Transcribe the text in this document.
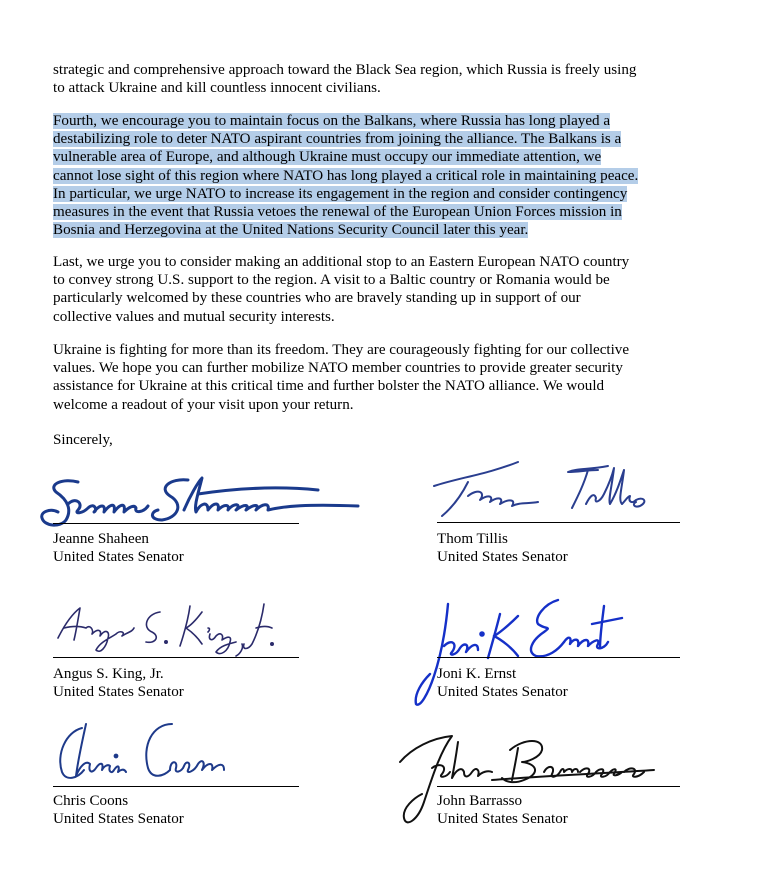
strategic and comprehensive approach toward the Black Sea region, which Russia is freely using
to attack Ukraine and kill countless innocent civilians.
Fourth, we encourage you to maintain focus on the Balkans, where Russia has long played a
destabilizing role to deter NATO aspirant countries from joining the alliance. The Balkans is a
vulnerable area of Europe, and although Ukraine must occupy our immediate attention, we
cannot lose sight of this region where NATO has long played a critical role in maintaining peace.
In particular, we urge NATO to increase its engagement in the region and consider contingency
measures in the event that Russia vetoes the renewal of the European Union Forces mission in
Bosnia and Herzegovina at the United Nations Security Council later this year.
Last, we urge you to consider making an additional stop to an Eastern European NATO country
to convey strong U.S. support to the region. A visit to a Baltic country or Romania would be
particularly welcomed by these countries who are bravely standing up in support of our
collective values and mutual security interests.
Ukraine is fighting for more than its freedom. They are courageously fighting for our collective
values. We hope you can further mobilize NATO member countries to provide greater security
assistance for Ukraine at this critical time and further bolster the NATO alliance. We would
welcome a readout of your visit upon your return.
Sincerely,
Jeanne Shaheen
United States Senator
Thom Tillis
United States Senator
Angus S. King, Jr.
United States Senator
Joni K. Ernst
United States Senator
Chris Coons
United States Senator
John Barrasso
United States Senator
